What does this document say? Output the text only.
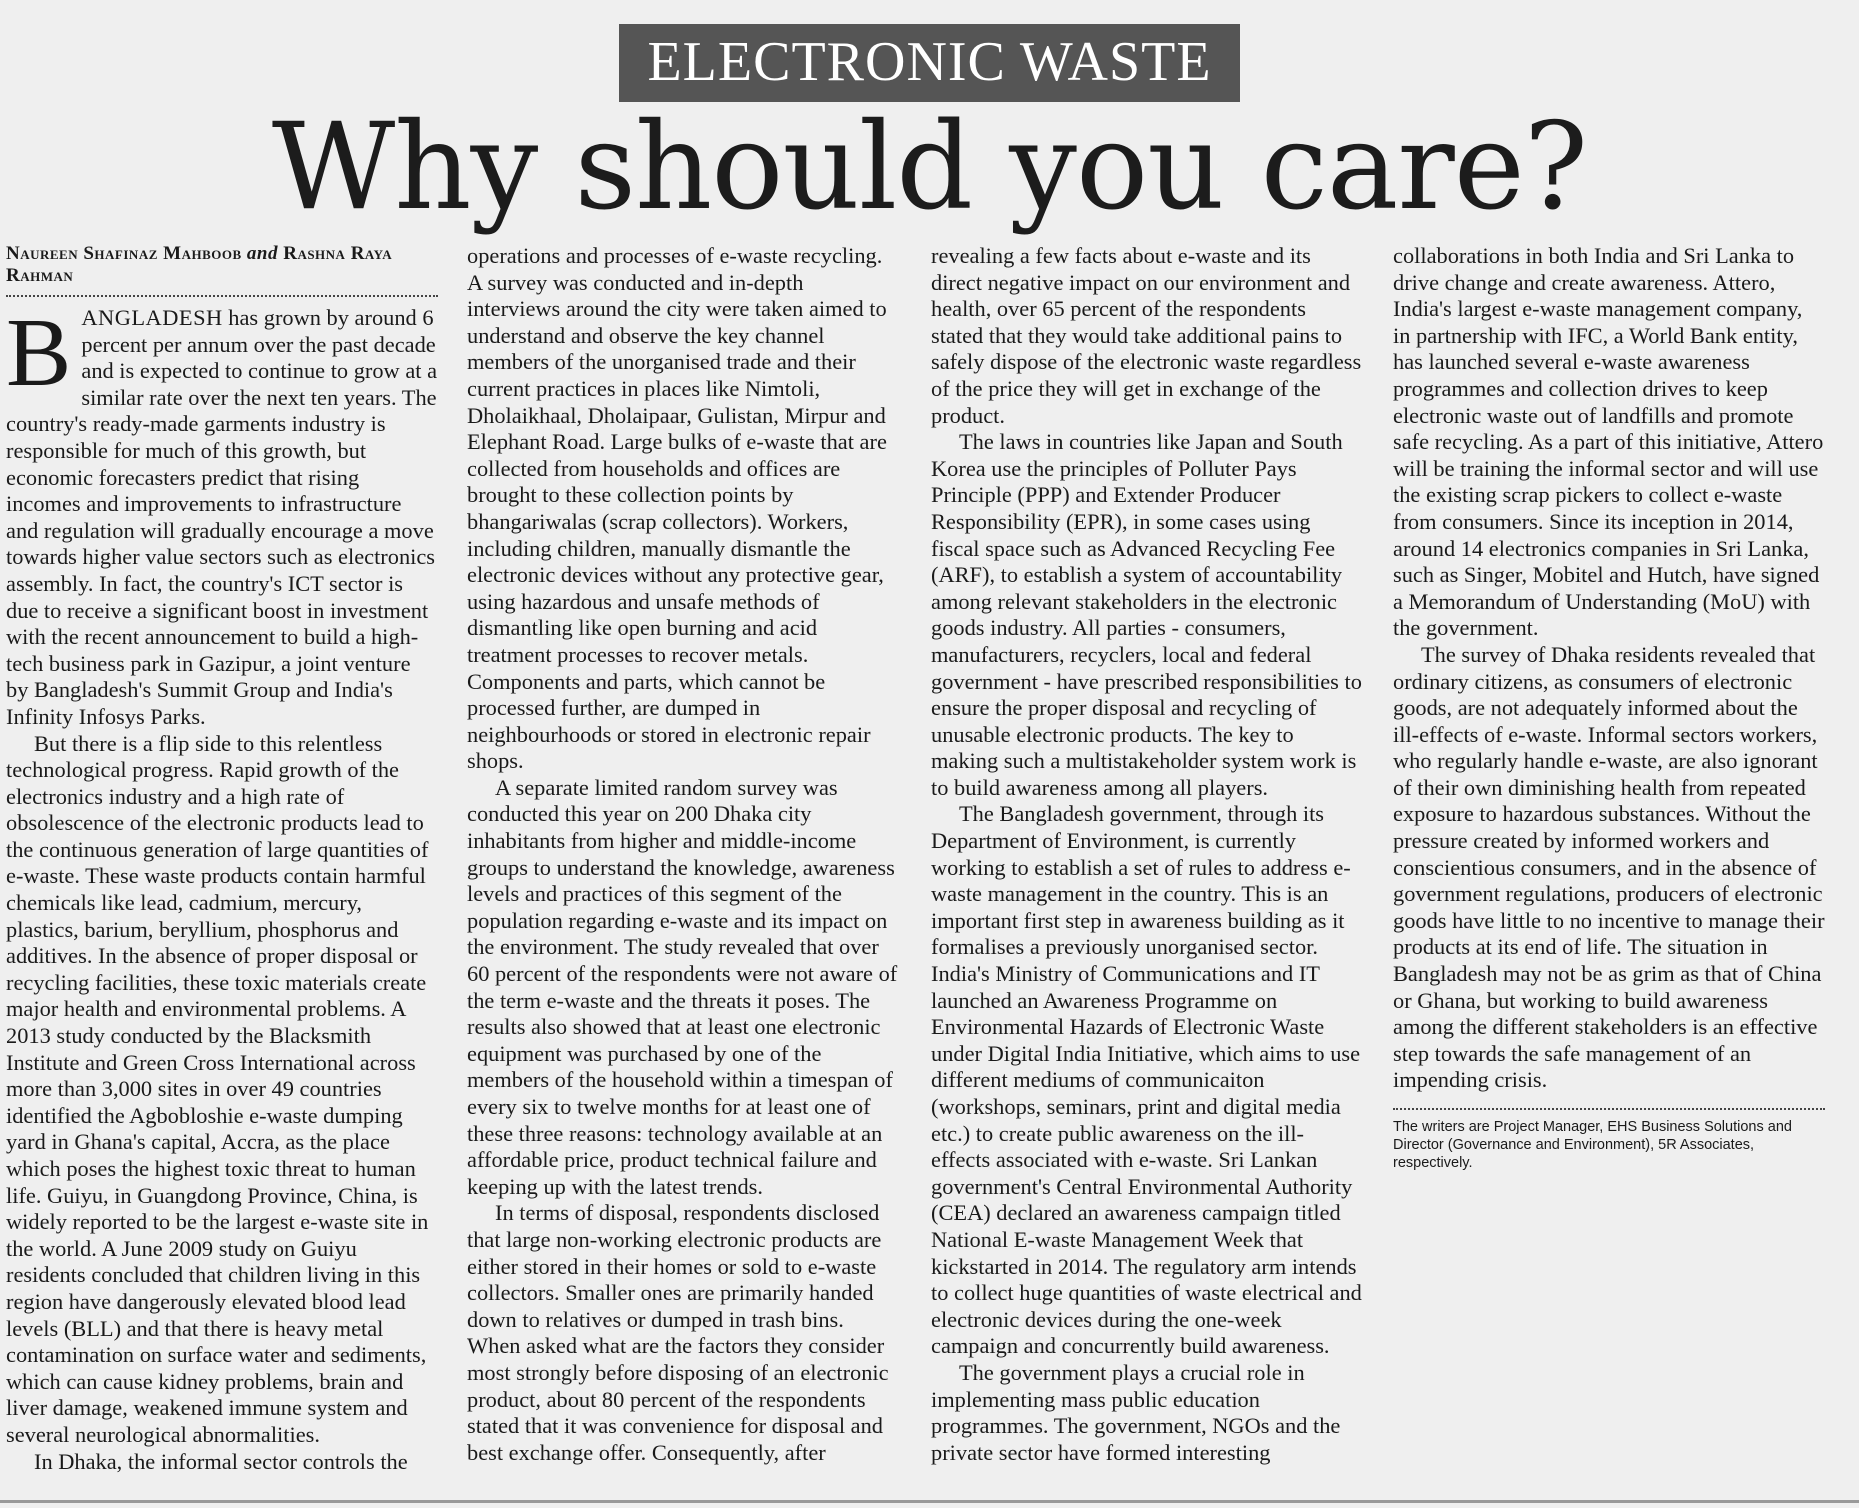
ELECTRONIC WASTE
Why should you care?
Naureen Shafinaz Mahboob and Rashna Raya Rahman

BANGLADESH has grown by around 6 percent per annum over the past decade and is expected to continue to grow at a similar rate over the next ten years. The country's ready-made garments industry is responsible for much of this growth, but economic forecasters predict that rising incomes and improvements to infrastructure and regulation will gradually encourage a move towards higher value sectors such as electronics assembly. In fact, the country's ICT sector is due to receive a significant boost in investment with the recent announcement to build a high-tech business park in Gazipur, a joint venture by Bangladesh's Summit Group and India's Infinity Infosys Parks.

But there is a flip side to this relentless technological progress. Rapid growth of the electronics industry and a high rate of obsolescence of the electronic products lead to the continuous generation of large quantities of e-waste. These waste products contain harmful chemicals like lead, cadmium, mercury, plastics, barium, beryllium, phosphorus and additives. In the absence of proper disposal or recycling facilities, these toxic materials create major health and environmental problems. A 2013 study conducted by the Blacksmith Institute and Green Cross International across more than 3,000 sites in over 49 countries identified the Agbobloshie e-waste dumping yard in Ghana's capital, Accra, as the place which poses the highest toxic threat to human life. Guiyu, in Guangdong Province, China, is widely reported to be the largest e-waste site in the world. A June 2009 study on Guiyu residents concluded that children living in this region have dangerously elevated blood lead levels (BLL) and that there is heavy metal contamination on surface water and sediments, which can cause kidney problems, brain and liver damage, weakened immune system and several neurological abnormalities.

In Dhaka, the informal sector controls the

operations and processes of e-waste recycling. A survey was conducted and in-depth interviews around the city were taken aimed to understand and observe the key channel members of the unorganised trade and their current practices in places like Nimtoli, Dholaikhaal, Dholaipaar, Gulistan, Mirpur and Elephant Road. Large bulks of e-waste that are collected from households and offices are brought to these collection points by bhangariwalas (scrap collectors). Workers, including children, manually dismantle the electronic devices without any protective gear, using hazardous and unsafe methods of dismantling like open burning and acid treatment processes to recover metals. Components and parts, which cannot be processed further, are dumped in neighbourhoods or stored in electronic repair shops.

A separate limited random survey was conducted this year on 200 Dhaka city inhabitants from higher and middle-income groups to understand the knowledge, awareness levels and practices of this segment of the population regarding e-waste and its impact on the environment. The study revealed that over 60 percent of the respondents were not aware of the term e-waste and the threats it poses. The results also showed that at least one electronic equipment was purchased by one of the members of the household within a timespan of every six to twelve months for at least one of these three reasons: technology available at an affordable price, product technical failure and keeping up with the latest trends.

In terms of disposal, respondents disclosed that large non-working electronic products are either stored in their homes or sold to e-waste collectors. Smaller ones are primarily handed down to relatives or dumped in trash bins. When asked what are the factors they consider most strongly before disposing of an electronic product, about 80 percent of the respondents stated that it was convenience for disposal and best exchange offer. Consequently, after

revealing a few facts about e-waste and its direct negative impact on our environment and health, over 65 percent of the respondents stated that they would take additional pains to safely dispose of the electronic waste regardless of the price they will get in exchange of the product.

The laws in countries like Japan and South Korea use the principles of Polluter Pays Principle (PPP) and Extender Producer Responsibility (EPR), in some cases using fiscal space such as Advanced Recycling Fee (ARF), to establish a system of accountability among relevant stakeholders in the electronic goods industry. All parties - consumers, manufacturers, recyclers, local and federal government - have prescribed responsibilities to ensure the proper disposal and recycling of unusable electronic products. The key to making such a multistakeholder system work is to build awareness among all players.

The Bangladesh government, through its Department of Environment, is currently working to establish a set of rules to address e-waste management in the country. This is an important first step in awareness building as it formalises a previously unorganised sector. India's Ministry of Communications and IT launched an Awareness Programme on Environmental Hazards of Electronic Waste under Digital India Initiative, which aims to use different mediums of communicaiton (workshops, seminars, print and digital media etc.) to create public awareness on the ill-effects associated with e-waste. Sri Lankan government's Central Environmental Authority (CEA) declared an awareness campaign titled National E-waste Management Week that kickstarted in 2014. The regulatory arm intends to collect huge quantities of waste electrical and electronic devices during the one-week campaign and concurrently build awareness.

The government plays a crucial role in implementing mass public education programmes. The government, NGOs and the private sector have formed interesting

collaborations in both India and Sri Lanka to drive change and create awareness. Attero, India's largest e-waste management company, in partnership with IFC, a World Bank entity, has launched several e-waste awareness programmes and collection drives to keep electronic waste out of landfills and promote safe recycling. As a part of this initiative, Attero will be training the informal sector and will use the existing scrap pickers to collect e-waste from consumers. Since its inception in 2014, around 14 electronics companies in Sri Lanka, such as Singer, Mobitel and Hutch, have signed a Memorandum of Understanding (MoU) with the government.

The survey of Dhaka residents revealed that ordinary citizens, as consumers of electronic goods, are not adequately informed about the ill-effects of e-waste. Informal sectors workers, who regularly handle e-waste, are also ignorant of their own diminishing health from repeated exposure to hazardous substances. Without the pressure created by informed workers and conscientious consumers, and in the absence of government regulations, producers of electronic goods have little to no incentive to manage their products at its end of life. The situation in Bangladesh may not be as grim as that of China or Ghana, but working to build awareness among the different stakeholders is an effective step towards the safe management of an impending crisis.

The writers are Project Manager, EHS Business Solutions and Director (Governance and Environment), 5R Associates, respectively.
